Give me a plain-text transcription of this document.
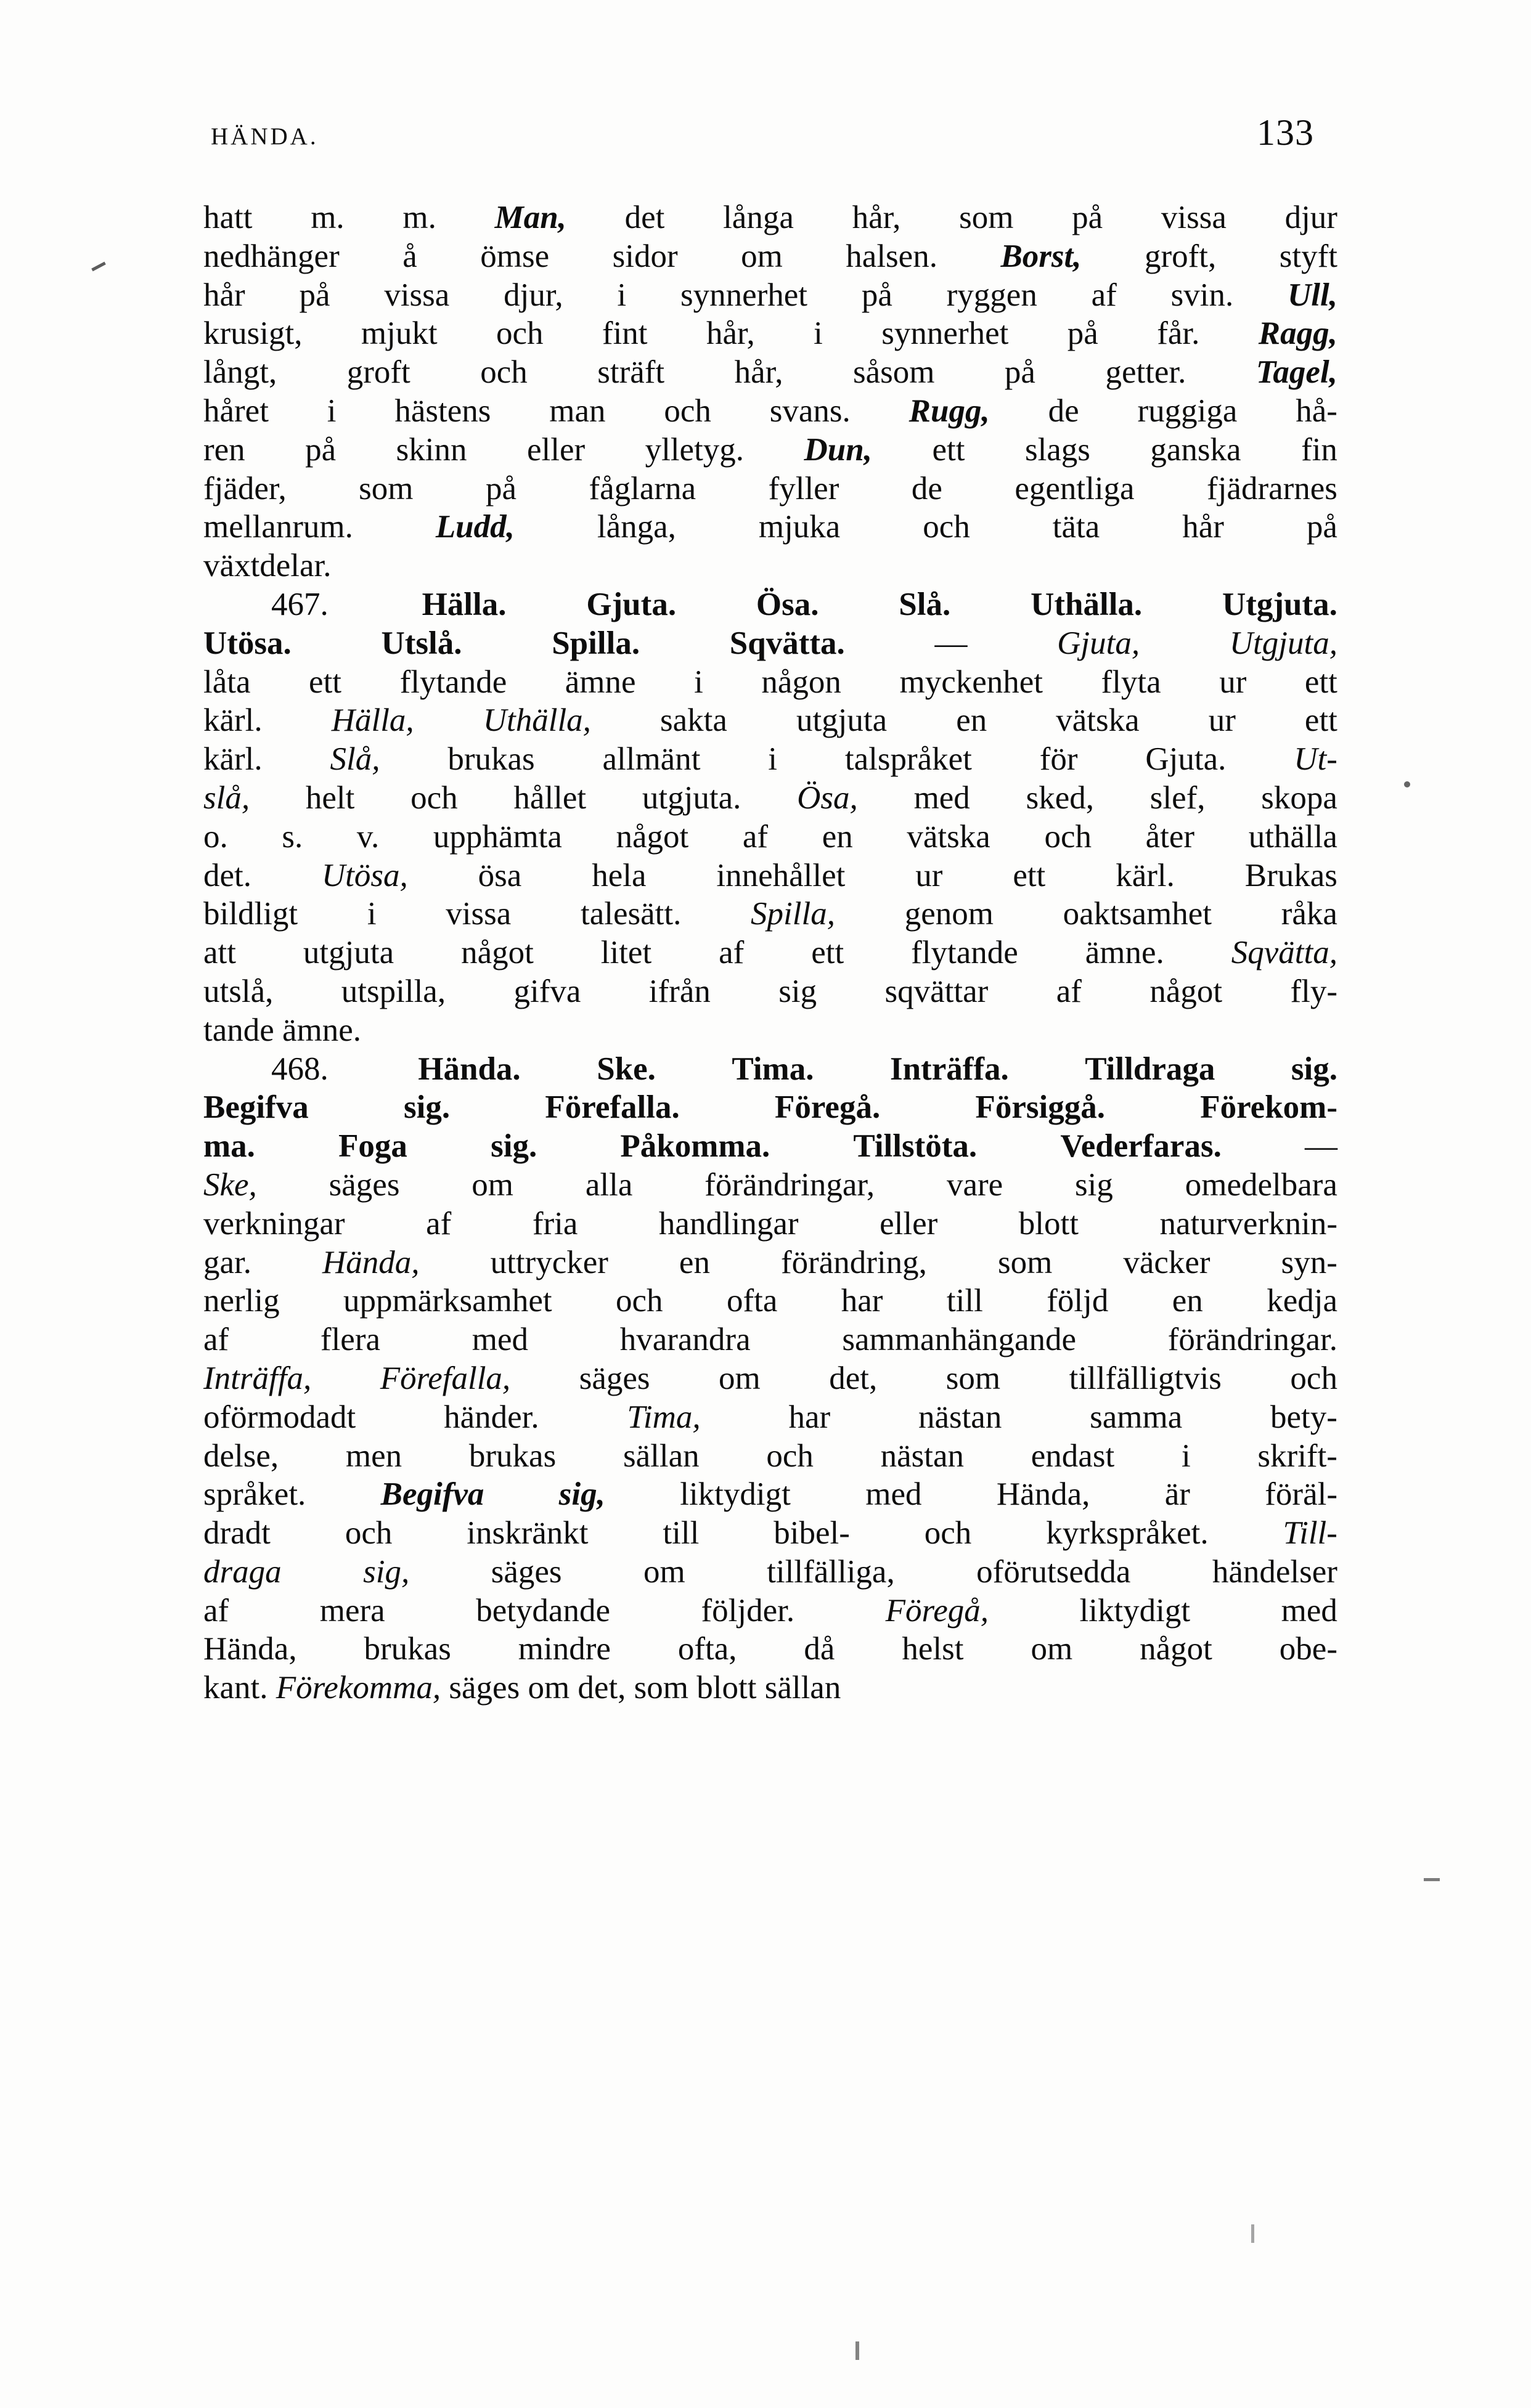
HÄNDA.	133
hatt m. m. Man, det långa hår, som på vissa djur
nedhänger å ömse sidor om halsen. Borst, groft, styft
hår på vissa djur, i synnerhet på ryggen af svin. Ull,
krusigt, mjukt och fint hår, i synnerhet på får. Ragg,
långt, groft och sträft hår, såsom på getter. Tagel,
håret i hästens man och svans. Rugg, de ruggiga hå-
ren på skinn eller ylletyg. Dun, ett slags ganska fin
fjäder, som på fåglarna fyller de egentliga fjädrarnes
mellanrum.	Ludd,	långa,	mjuka	och	täta	hår	på
växtdelar.
467.	Hälla. Gjuta. Ösa. Slå. Uthälla. Utgjuta.
Utösa.	Utslå.	Spilla.	Sqvätta.	—	Gjuta,	Utgjuta,
låta ett flytande ämne i någon myckenhet flyta ur ett
kärl. Hälla, Uthälla, sakta utgjuta en vätska ur ett
kärl. Slå, brukas allmänt i talspråket för Gjuta. Ut-
slå, helt och hållet utgjuta. Ösa, med sked, slef, skopa
o. s. v. upphämta något af en vätska och åter uthälla
det. Utösa, ösa hela innehållet ur ett kärl. Brukas
bildligt i vissa talesätt. Spilla, genom oaktsamhet råka
att utgjuta något litet af ett flytande ämne. Sqvätta,
utslå, utspilla, gifva ifrån sig sqvättar af något fly-
tande ämne.
468.	Hända. Ske. Tima. Inträffa. Tilldraga sig.
Begifva	sig.	Förefalla.	Föregå.	Försiggå.	Förekom-
ma.	Foga	sig.	Påkomma.	Tillstöta.	Vederfaras.	—
Ske, säges om alla förändringar, vare sig omedelbara
verkningar af fria handlingar eller blott naturverknin-
gar. Hända, uttrycker en förändring, som väcker syn-
nerlig uppmärksamhet och ofta har till följd en kedja
af	flera	med	hvarandra	sammanhängande	förändringar.
Inträffa, Förefalla, säges om det, som tillfälligtvis och
oförmodadt	händer.	Tima,	har	nästan	samma	bety-
delse, men brukas sällan och nästan endast i skrift-
språket. Begifva sig, liktydigt med Hända, är föräl-
dradt och inskränkt till bibel- och kyrkspråket. Till-
draga sig, säges om tillfälliga, oförutsedda händelser
af	mera	betydande	följder.	Föregå,	liktydigt	med
Hända, brukas mindre ofta, då helst om något obe-
kant. Förekomma, säges om det, som blott sällan
